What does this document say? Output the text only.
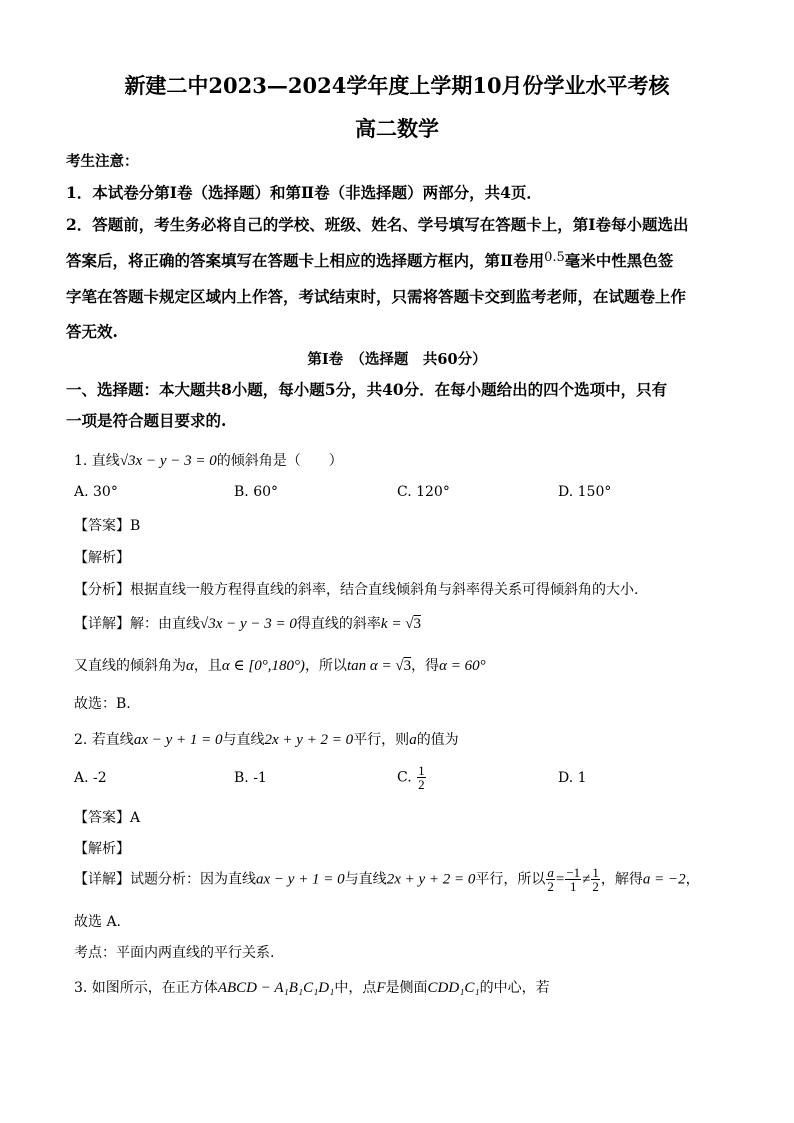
新建二中2023—2024学年度上学期10月份学业水平考核
高二数学
考生注意：
1．本试卷分第Ⅰ卷（选择题）和第Ⅱ卷（非选择题）两部分，共4页．
2．答题前，考生务必将自己的学校、班级、姓名、学号填写在答题卡上，第Ⅰ卷每小题选出
答案后，将正确的答案填写在答题卡上相应的选择题方框内，第Ⅱ卷用$^{0.5}$毫米中性黑色签
字笔在答题卡规定区域内上作答，考试结束时，只需将答题卡交到监考老师，在试题卷上作
答无效.
第Ⅰ卷　（选择题　共60分）
一、选择题：本大题共8小题，每小题5分，共40分．在每小题给出的四个选项中，只有
一项是符合题目要求的.
1. 直线√3x − y − 3 = 0的倾斜角是（　　）
A. 30°	B. 60°	C. 120°	D. 150°
【答案】B
【解析】
【分析】根据直线一般方程得直线的斜率，结合直线倾斜角与斜率得关系可得倾斜角的大小.
【详解】解：由直线√3x − y − 3 = 0得直线的斜率k = √3
又直线的倾斜角为α，且α ∈ [0°,180°)，所以tan α = √3，得α = 60°
故选：B.
2. 若直线ax − y + 1 = 0与直线2x + y + 2 = 0平行，则a的值为
A. -2	B. -1	C. $\frac{1}{2}$	D. 1
【答案】A
【解析】
【详解】试题分析：因为直线ax − y + 1 = 0与直线2x + y + 2 = 0平行，所以 $\frac{a}{2} = \frac{-1}{1} \ne \frac{1}{2}$ ，解得a = −2，
故选 A.
考点：平面内两直线的平行关系.
3. 如图所示，在正方体ABCD − A₁B₁C₁D₁中，点F是侧面CDD₁C₁的中心，若
